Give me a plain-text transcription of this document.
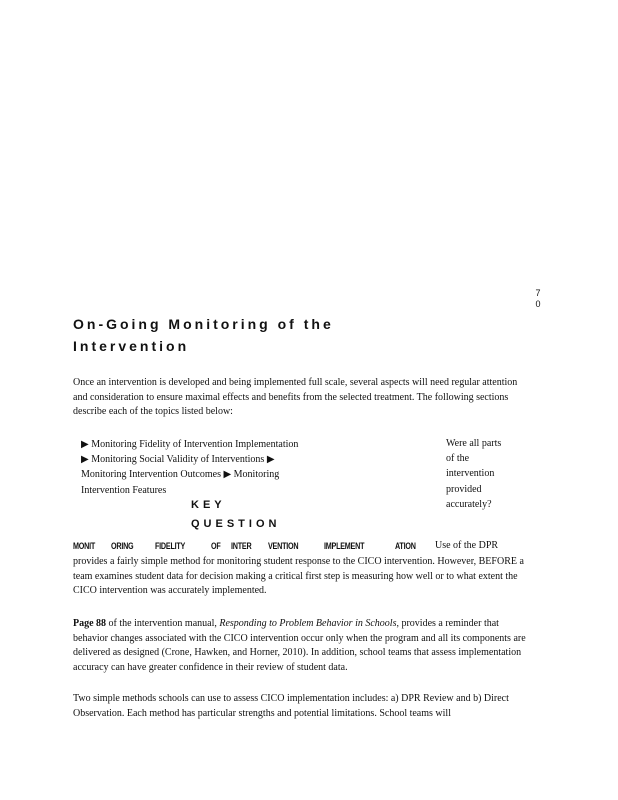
7
0
On-Going Monitoring of the
Intervention
Once an intervention is developed and being implemented full scale, several aspects will need regular attention and consideration to ensure maximal effects and benefits from the selected treatment. The following sections describe each of the topics listed below:
▶ Monitoring Fidelity of Intervention Implementation
▶ Monitoring Social Validity of Interventions ▶
Monitoring Intervention Outcomes ▶ Monitoring
Intervention Features
Were all parts
of the
intervention
provided
accurately?
KEY
QUESTION
MONIT ORING FIDELITY	OF INTER VENTION	IMPLEMENT	ATION Use of the DPR
provides a fairly simple method for monitoring student response to the CICO intervention. However, BEFORE a team examines student data for decision making a critical first step is measuring how well or to what extent the CICO intervention was accurately implemented.
Page 88 of the intervention manual, Responding to Problem Behavior in Schools, provides a reminder that behavior changes associated with the CICO intervention occur only when the program and all its components are delivered as designed (Crone, Hawken, and Horner, 2010). In addition, school teams that assess implementation accuracy can have greater confidence in their review of student data.
Two simple methods schools can use to assess CICO implementation includes: a) DPR Review and b) Direct Observation. Each method has particular strengths and potential limitations. School teams will
